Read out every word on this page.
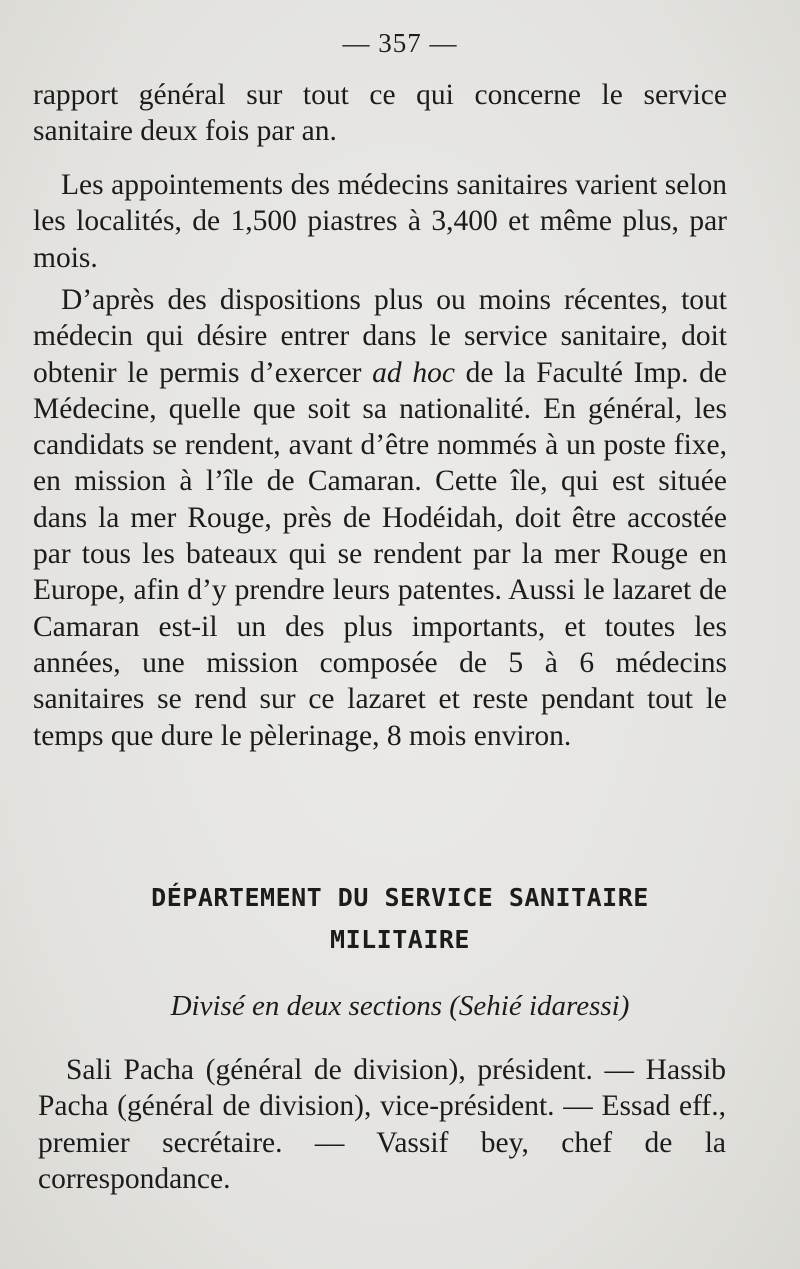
— 357 —

rapport général sur tout ce qui concerne le service sanitaire deux fois par an.

Les appointements des médecins sanitaires varient selon les localités, de 1,500 piastres à 3,400 et même plus, par mois.

D’après des dispositions plus ou moins récentes, tout médecin qui désire entrer dans le service sanitaire, doit obtenir le permis d’exercer ad hoc de la Faculté Imp. de Médecine, quelle que soit sa nationalité. En général, les candidats se rendent, avant d’être nommés à un poste fixe, en mission à l’île de Camaran. Cette île, qui est située dans la mer Rouge, près de Hodéidah, doit être accostée par tous les bateaux qui se rendent par la mer Rouge en Europe, afin d’y prendre leurs patentes. Aussi le lazaret de Camaran est-il un des plus importants, et toutes les années, une mission composée de 5 à 6 médecins sanitaires se rend sur ce lazaret et reste pendant tout le temps que dure le pèlerinage, 8 mois environ.

DÉPARTEMENT DU SERVICE SANITAIRE
MILITAIRE
Divisé en deux sections (Sehié idaressi)

Sali Pacha (général de division), président. — Hassib Pacha (général de division), vice-président. — Essad eff., premier secrétaire. — Vassif bey, chef de la correspondance.
